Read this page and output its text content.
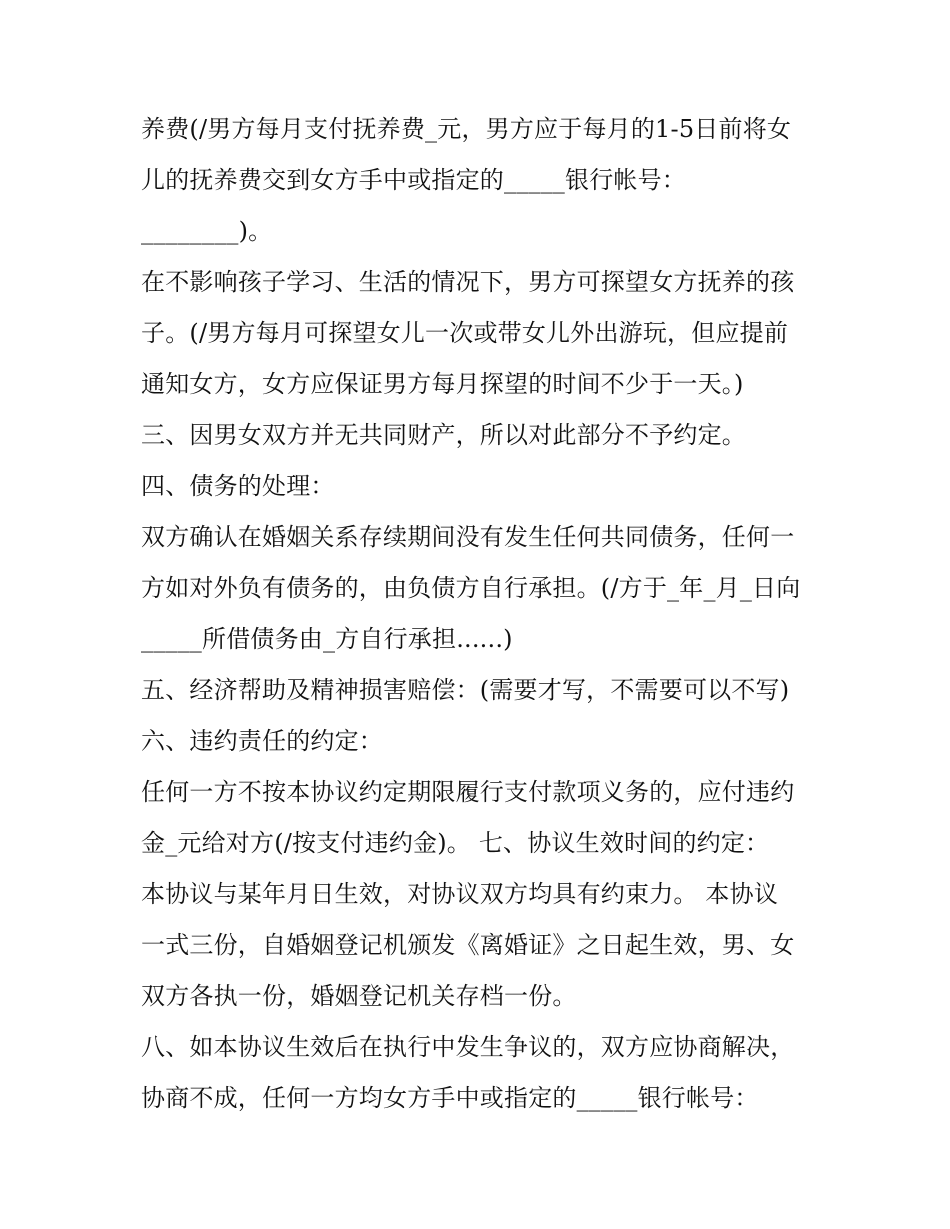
养费(/男方每月支付抚养费_元，男方应于每月的1-5日前将女
儿的抚养费交到女方手中或指定的_____银行帐号：
________)。
在不影响孩子学习、生活的情况下，男方可探望女方抚养的孩
子。(/男方每月可探望女儿一次或带女儿外出游玩，但应提前
通知女方，女方应保证男方每月探望的时间不少于一天。)
三、因男女双方并无共同财产，所以对此部分不予约定。
四、债务的处理：
双方确认在婚姻关系存续期间没有发生任何共同债务，任何一
方如对外负有债务的，由负债方自行承担。(/方于_年_月_日向
_____所借债务由_方自行承担......)
五、经济帮助及精神损害赔偿：(需要才写，不需要可以不写)
六、违约责任的约定：
任何一方不按本协议约定期限履行支付款项义务的，应付违约
金_元给对方(/按支付违约金)。 七、协议生效时间的约定：
本协议与某年月日生效，对协议双方均具有约束力。 本协议
一式三份，自婚姻登记机颁发《离婚证》之日起生效，男、女
双方各执一份，婚姻登记机关存档一份。
八、如本协议生效后在执行中发生争议的，双方应协商解决，
协商不成，任何一方均女方手中或指定的_____银行帐号：
